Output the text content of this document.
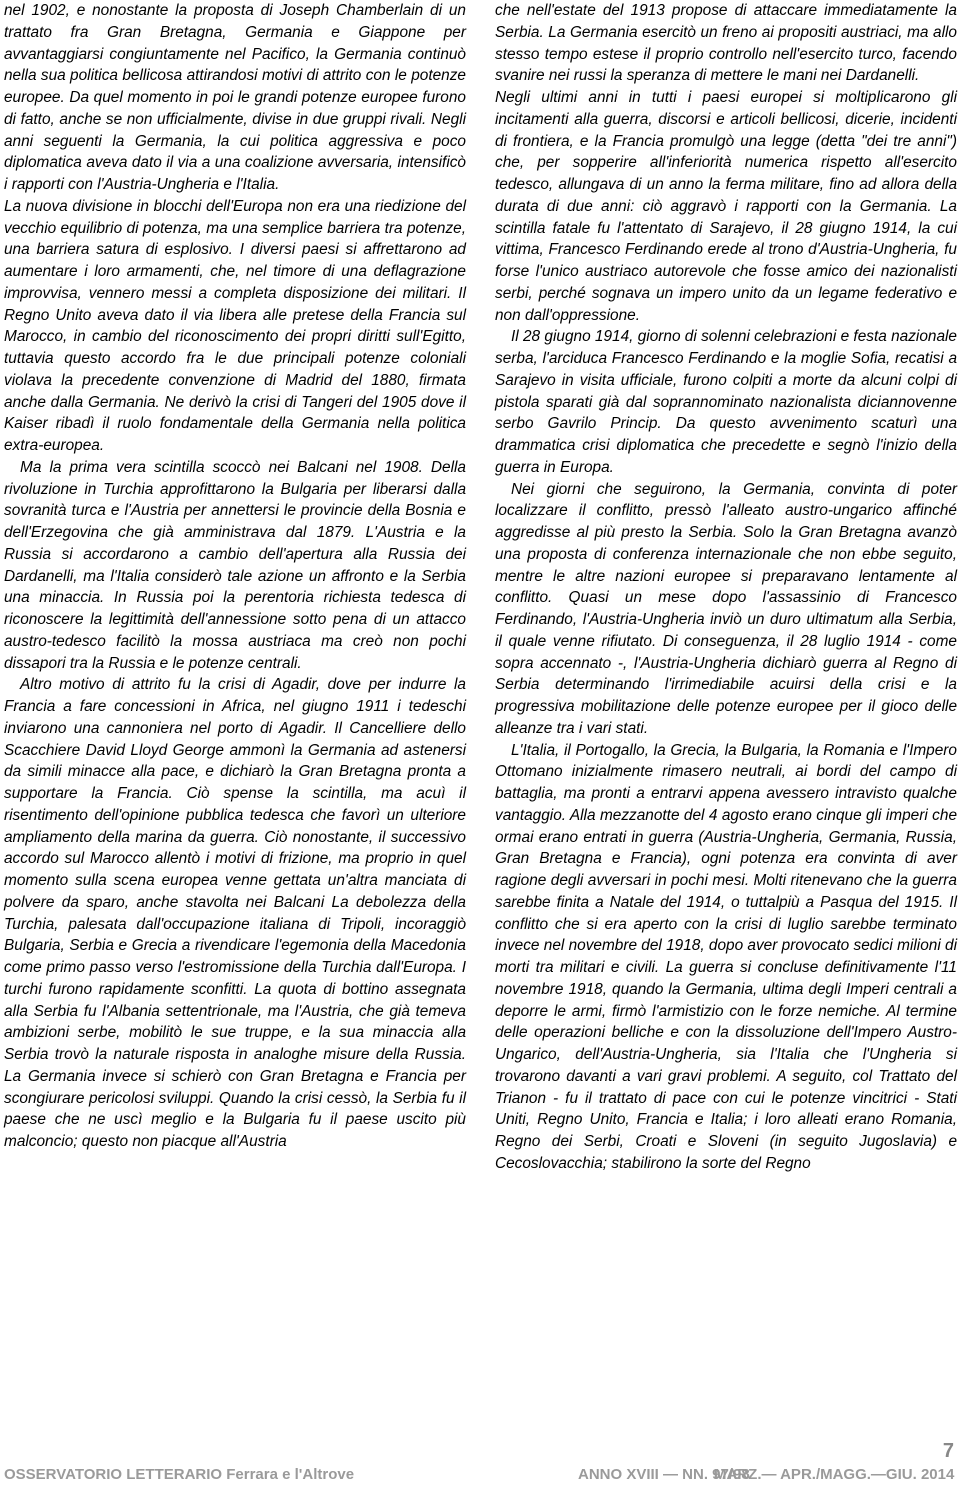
nel 1902, e nonostante la proposta di Joseph Chamberlain di un trattato fra Gran Bretagna, Germania e Giappone per avvantaggiarsi congiuntamente nel Pacifico, la Germania continuò nella sua politica bellicosa attirandosi motivi di attrito con le potenze europee. Da quel momento in poi le grandi potenze europee furono di fatto, anche se non ufficialmente, divise in due gruppi rivali. Negli anni seguenti la Germania, la cui politica aggressiva e poco diplomatica aveva dato il via a una coalizione avversaria, intensificò i rapporti con l'Austria-Ungheria e l'Italia.

La nuova divisione in blocchi dell'Europa non era una riedizione del vecchio equilibrio di potenza, ma una semplice barriera tra potenze, una barriera satura di esplosivo. I diversi paesi si affrettarono ad aumentare i loro armamenti, che, nel timore di una deflagrazione improvvisa, vennero messi a completa disposizione dei militari. Il Regno Unito aveva dato il via libera alle pretese della Francia sul Marocco, in cambio del riconoscimento dei propri diritti sull'Egitto, tuttavia questo accordo fra le due principali potenze coloniali violava la precedente convenzione di Madrid del 1880, firmata anche dalla Germania. Ne derivò la crisi di Tangeri del 1905 dove il Kaiser ribadì il ruolo fondamentale della Germania nella politica extra-europea.

Ma la prima vera scintilla scoccò nei Balcani nel 1908. Della rivoluzione in Turchia approfittarono la Bulgaria per liberarsi dalla sovranità turca e l'Austria per annettersi le provincie della Bosnia e dell'Erzegovina che già amministrava dal 1879. L'Austria e la Russia si accordarono a cambio dell'apertura alla Russia dei Dardanelli, ma l'Italia considerò tale azione un affronto e la Serbia una minaccia. In Russia poi la perentoria richiesta tedesca di riconoscere la legittimità dell'annessione sotto pena di un attacco austro-tedesco facilitò la mossa austriaca ma creò non pochi dissapori tra la Russia e le potenze centrali.

Altro motivo di attrito fu la crisi di Agadir, dove per indurre la Francia a fare concessioni in Africa, nel giugno 1911 i tedeschi inviarono una cannoniera nel porto di Agadir. Il Cancelliere dello Scacchiere David Lloyd George ammonì la Germania ad astenersi da simili minacce alla pace, e dichiarò la Gran Bretagna pronta a supportare la Francia. Ciò spense la scintilla, ma acuì il risentimento dell'opinione pubblica tedesca che favorì un ulteriore ampliamento della marina da guerra. Ciò nonostante, il successivo accordo sul Marocco allentò i motivi di frizione, ma proprio in quel momento sulla scena europea venne gettata un'altra manciata di polvere da sparo, anche stavolta nei Balcani La debolezza della Turchia, palesata dall'occupazione italiana di Tripoli, incoraggiò Bulgaria, Serbia e Grecia a rivendicare l'egemonia della Macedonia come primo passo verso l'estromissione della Turchia dall'Europa. I turchi furono rapidamente sconfitti. La quota di bottino assegnata alla Serbia fu l'Albania settentrionale, ma l'Austria, che già temeva ambizioni serbe, mobilitò le sue truppe, e la sua minaccia alla Serbia trovò la naturale risposta in analoghe misure della Russia. La Germania invece si schierò con Gran Bretagna e Francia per scongiurare pericolosi sviluppi. Quando la crisi cessò, la Serbia fu il paese che ne uscì meglio e la Bulgaria fu il paese uscito più malconcio; questo non piacque all'Austria

che nell'estate del 1913 propose di attaccare immediatamente la Serbia. La Germania esercitò un freno ai propositi austriaci, ma allo stesso tempo estese il proprio controllo nell'esercito turco, facendo svanire nei russi la speranza di mettere le mani nei Dardanelli.

Negli ultimi anni in tutti i paesi europei si moltiplicarono gli incitamenti alla guerra, discorsi e articoli bellicosi, dicerie, incidenti di frontiera, e la Francia promulgò una legge (detta "dei tre anni") che, per sopperire all'inferiorità numerica rispetto all'esercito tedesco, allungava di un anno la ferma militare, fino ad allora della durata di due anni: ciò aggravò i rapporti con la Germania. La scintilla fatale fu l'attentato di Sarajevo, il 28 giugno 1914, la cui vittima, Francesco Ferdinando erede al trono d'Austria-Ungheria, fu forse l'unico austriaco autorevole che fosse amico dei nazionalisti serbi, perché sognava un impero unito da un legame federativo e non dall'oppressione.

Il 28 giugno 1914, giorno di solenni celebrazioni e festa nazionale serba, l'arciduca Francesco Ferdinando e la moglie Sofia, recatisi a Sarajevo in visita ufficiale, furono colpiti a morte da alcuni colpi di pistola sparati già dal soprannominato nazionalista diciannovenne serbo Gavrilo Princip. Da questo avvenimento scaturì una drammatica crisi diplomatica che precedette e segnò l'inizio della guerra in Europa.

Nei giorni che seguirono, la Germania, convinta di poter localizzare il conflitto, pressò l'alleato austro-ungarico affinché aggredisse al più presto la Serbia. Solo la Gran Bretagna avanzò una proposta di conferenza internazionale che non ebbe seguito, mentre le altre nazioni europee si preparavano lentamente al conflitto. Quasi un mese dopo l'assassinio di Francesco Ferdinando, l'Austria-Ungheria inviò un duro ultimatum alla Serbia, il quale venne rifiutato. Di conseguenza, il 28 luglio 1914 - come sopra accennato -, l'Austria-Ungheria dichiarò guerra al Regno di Serbia determinando l'irrimediabile acuirsi della crisi e la progressiva mobilitazione delle potenze europee per il gioco delle alleanze tra i vari stati.

L'Italia, il Portogallo, la Grecia, la Bulgaria, la Romania e l'Impero Ottomano inizialmente rimasero neutrali, ai bordi del campo di battaglia, ma pronti a entrarvi appena avessero intravisto qualche vantaggio. Alla mezzanotte del 4 agosto erano cinque gli imperi che ormai erano entrati in guerra (Austria-Ungheria, Germania, Russia, Gran Bretagna e Francia), ogni potenza era convinta di aver ragione degli avversari in pochi mesi. Molti ritenevano che la guerra sarebbe finita a Natale del 1914, o tuttalpiù a Pasqua del 1915. Il conflitto che si era aperto con la crisi di luglio sarebbe terminato invece nel novembre del 1918, dopo aver provocato sedici milioni di morti tra militari e civili. La guerra si concluse definitivamente l'11 novembre 1918, quando la Germania, ultima degli Imperi centrali a deporre le armi, firmò l'armistizio con le forze nemiche. Al termine delle operazioni belliche e con la dissoluzione dell'Impero Austro-Ungarico, dell'Austria-Ungheria, sia l'Italia che l'Ungheria si trovarono davanti a vari gravi problemi. A seguito, col Trattato del Trianon - fu il trattato di pace con cui le potenze vincitrici - Stati Uniti, Regno Unito, Francia e Italia; i loro alleati erano Romania, Regno dei Serbi, Croati e Sloveni (in seguito Jugoslavia) e Cecoslovacchia; stabilirono la sorte del Regno

7
OSSERVATORIO LETTERARIO Ferrara e l'Altrove	ANNO XVIII — NN. 97/98
MARZ.— APR./MAGG.—GIU. 2014
